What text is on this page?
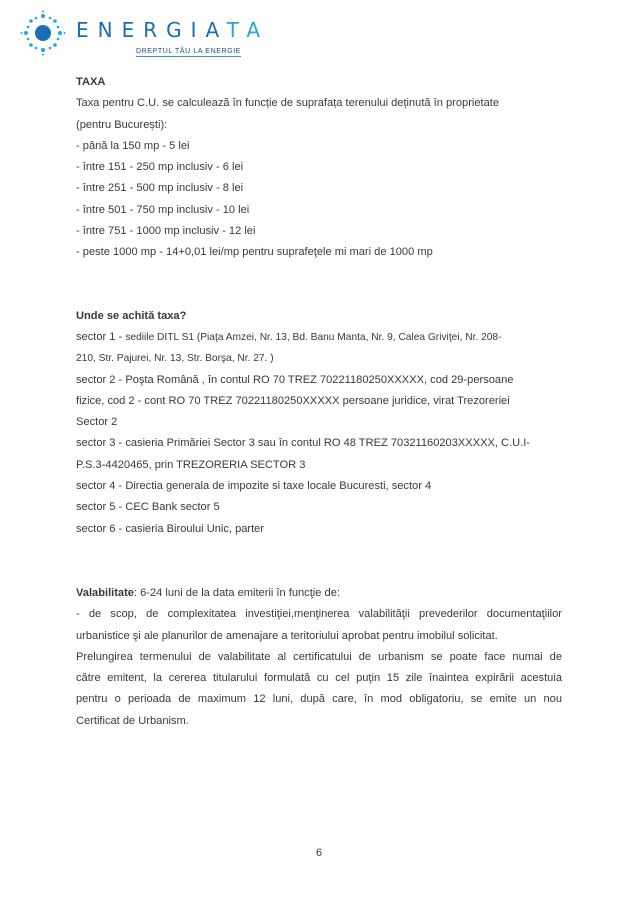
ENERGIATA
DREPTUL TĂU LA ENERGIE
TAXA
Taxa pentru C.U. se calculează în funcție de suprafața terenului deținută în proprietate
(pentru București):
- până la 150 mp - 5 lei
- între 151 - 250 mp inclusiv - 6 lei
- între 251 - 500 mp inclusiv - 8 lei
- între 501 - 750 mp inclusiv - 10 lei
- între 751 - 1000 mp inclusiv - 12 lei
- peste 1000 mp - 14+0,01 lei/mp pentru suprafeţele mi mari de 1000 mp
Unde se achită taxa?
sector 1 - sediile DITL S1 (Piaţa Amzei, Nr. 13, Bd. Banu Manta, Nr. 9, Calea Griviţei, Nr. 208-
210, Str. Pajurei, Nr. 13, Str. Borşa, Nr. 27. )
sector 2 - Poşta Română , în contul RO 70 TREZ 70221180250XXXXX, cod 29-persoane
fizice, cod 2 - cont RO 70 TREZ 70221180250XXXXX persoane juridice, virat Trezoreriei
Sector 2
sector 3 - casieria Primăriei Sector 3 sau în contul RO 48 TREZ 70321160203XXXXX, C.U.I-
P.S.3-4420465, prin TREZORERIA SECTOR 3
sector 4 - Directia generala de impozite si taxe locale Bucuresti, sector 4
sector 5 - CEC Bank sector 5
sector 6 - casieria Biroului Unic, parter
Valabilitate: 6-24 luni de la data emiterii în funcţie de:
- de scop, de complexitatea investiţiei,menţinerea valabilităţii prevederilor documentaţiilor
urbanistice şi ale planurilor de amenajare a teritoriului aprobat pentru imobilul solicitat.
Prelungirea termenului de valabilitate al certificatului de urbanism se poate face numai de
către emitent, la cererea titularului formulată cu cel puţin 15 zile înaintea expirării acestuia
pentru o perioada de maximum 12 luni, după care, în mod obligatoriu, se emite un nou
Certificat de Urbanism.
6
